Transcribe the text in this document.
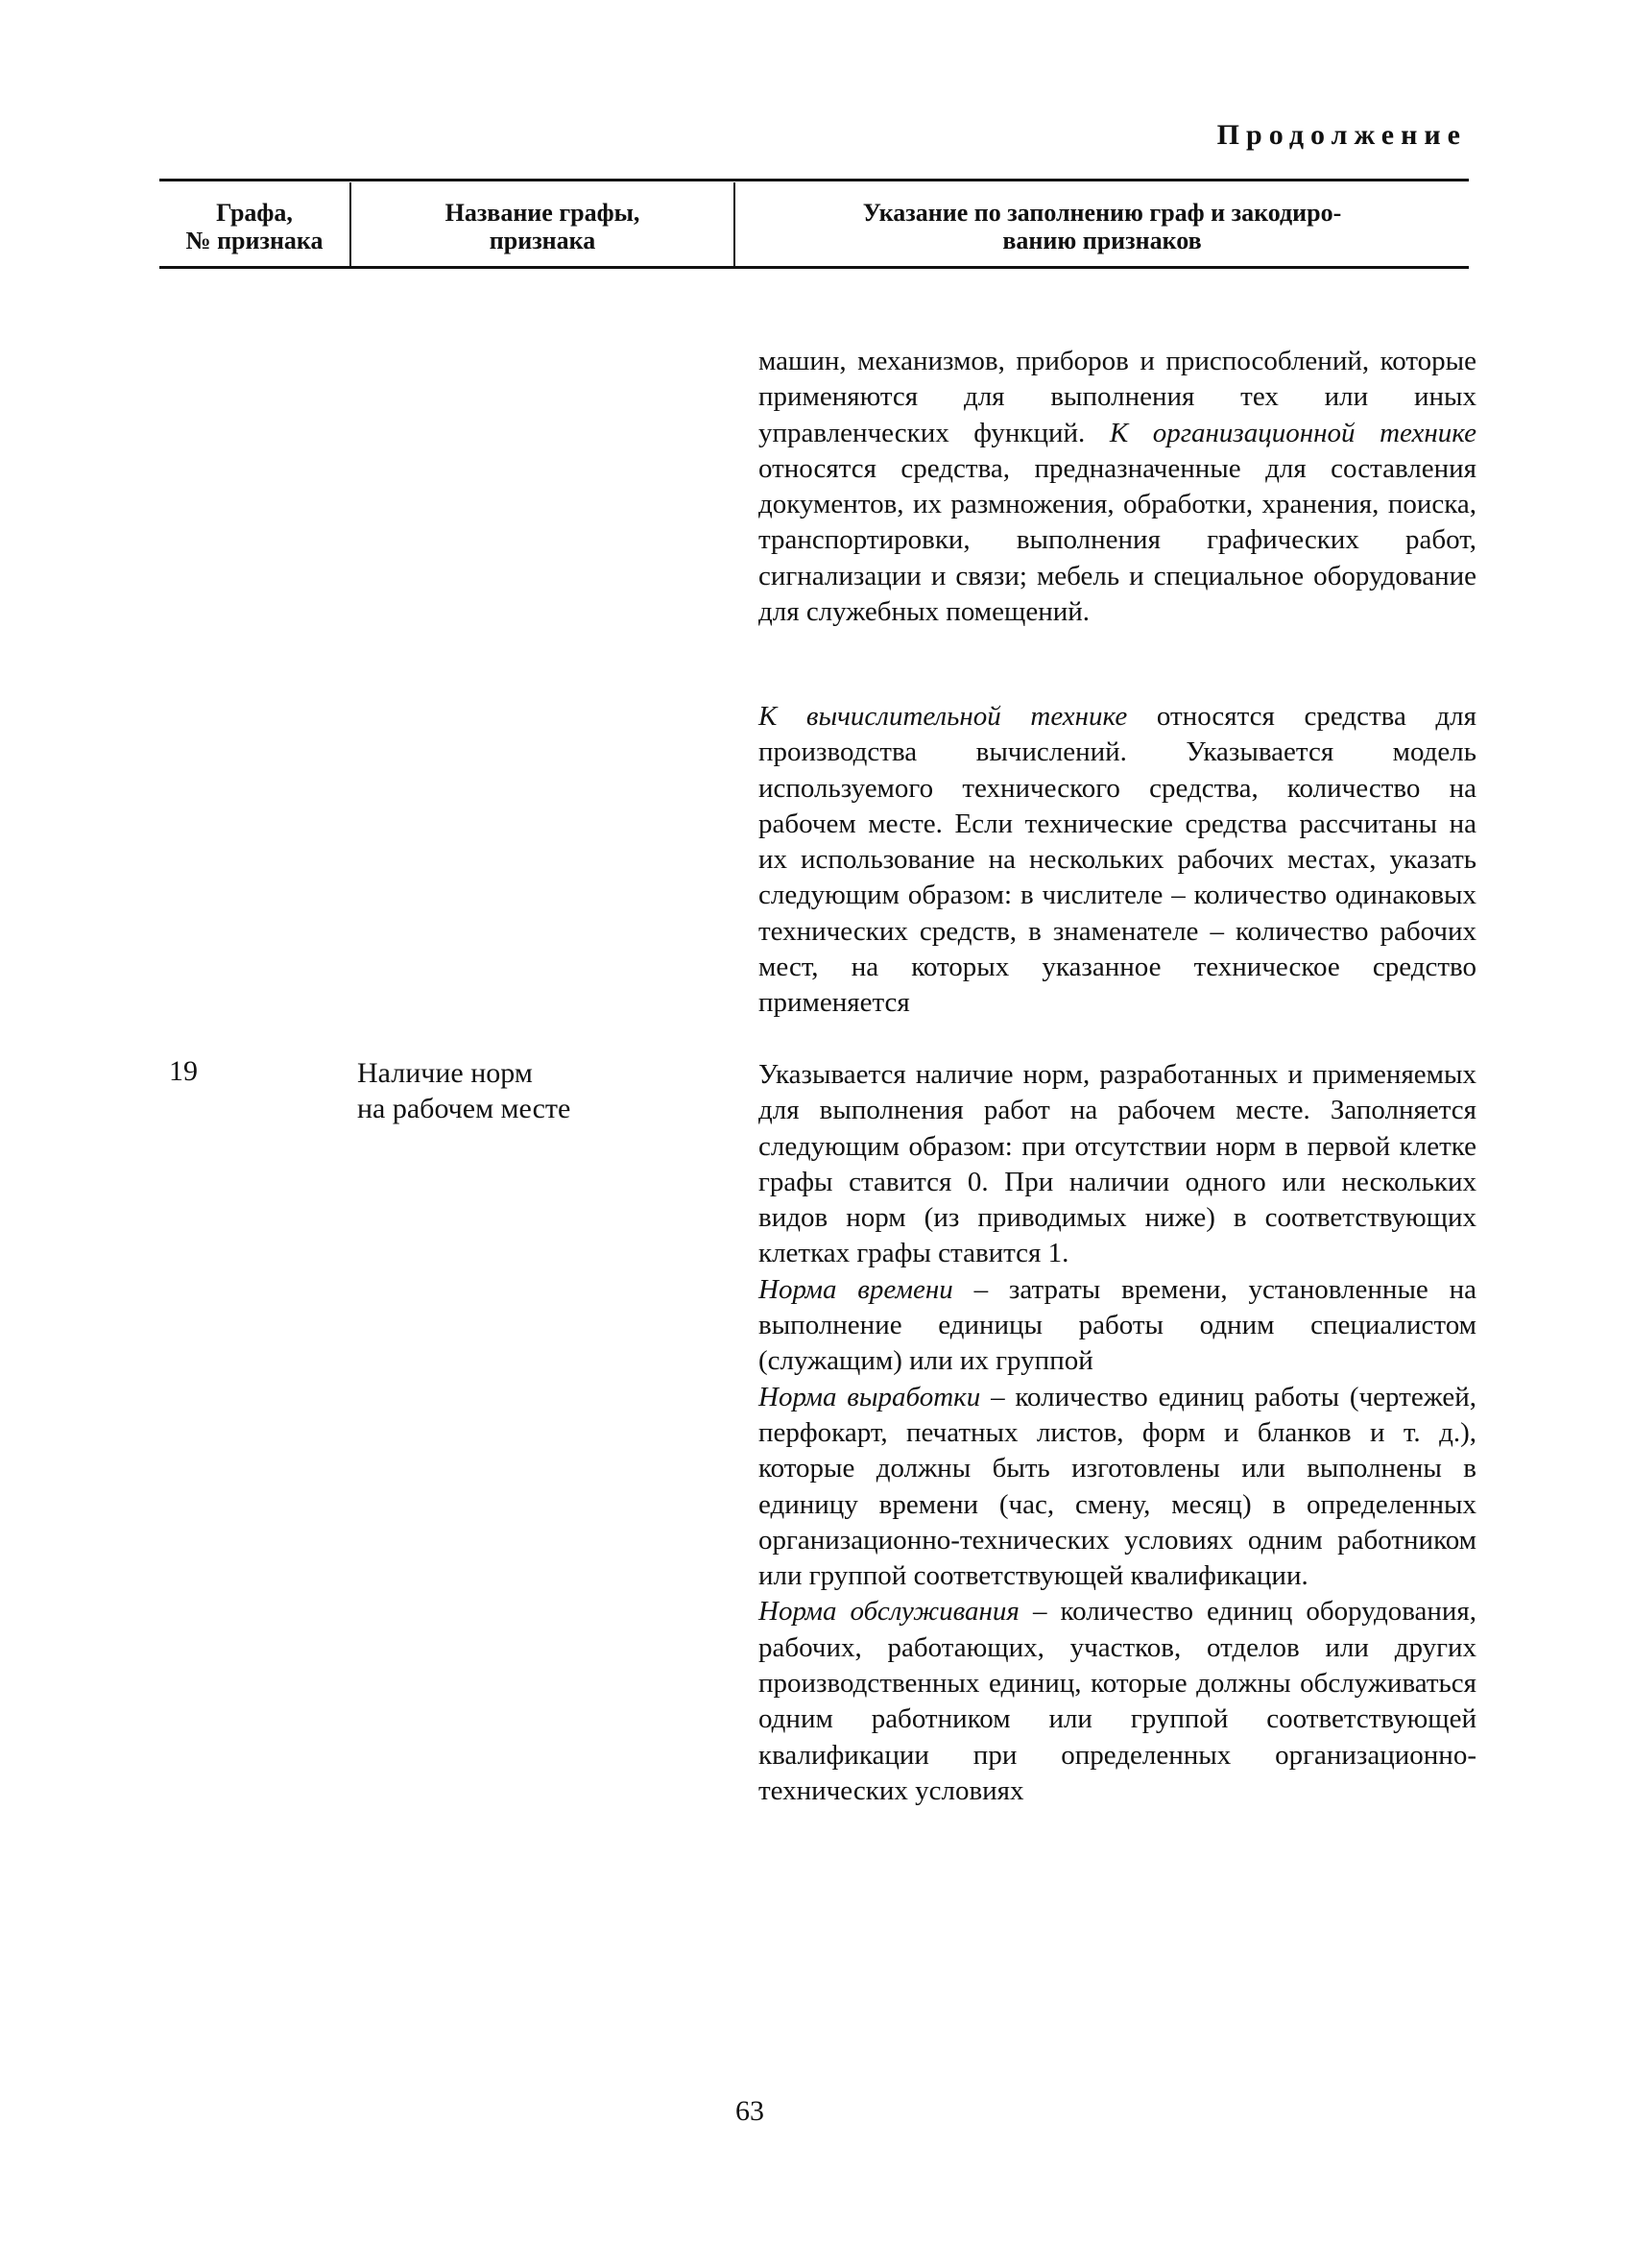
Продолжение
Графа,
№ признака
Название графы,
признака
Указание по заполнению граф и закодиро-
ванию признаков

машин, механизмов, приборов и приспособлений, которые применяются для выполнения тех или иных управленческих функций. К организационной технике относятся средства, предназначенные для составления документов, их размножения, обработки, хранения, поиска, транспортировки, выполнения графических работ, сигнализации и связи; мебель и специальное оборудование для служебных помещений.

К вычислительной технике относятся средства для производства вычислений. Указывается модель используемого технического средства, количество на рабочем месте. Если технические средства рассчитаны на их использование на нескольких рабочих местах, указать следующим образом: в числителе – количество одинаковых технических средств, в знаменателе – количество рабочих мест, на которых указанное техническое средство применяется

19	Наличие норм
на рабочем месте

Указывается наличие норм, разработанных и применяемых для выполнения работ на рабочем месте. Заполняется следующим образом: при отсутствии норм в первой клетке графы ставится 0. При наличии одного или нескольких видов норм (из приводимых ниже) в соответствующих клетках графы ставится 1.

Норма времени – затраты времени, установленные на выполнение единицы работы одним специалистом (служащим) или их группой

Норма выработки – количество единиц работы (чертежей, перфокарт, печатных листов, форм и бланков и т. д.), которые должны быть изготовлены или выполнены в единицу времени (час, смену, месяц) в определенных организационно-технических условиях одним работником или группой соответствующей квалификации.

Норма обслуживания – количество единиц оборудования, рабочих, работающих, участков, отделов или других производственных единиц, которые должны обслуживаться одним работником или группой соответствующей квалификации при определенных организационно-технических условиях

63
